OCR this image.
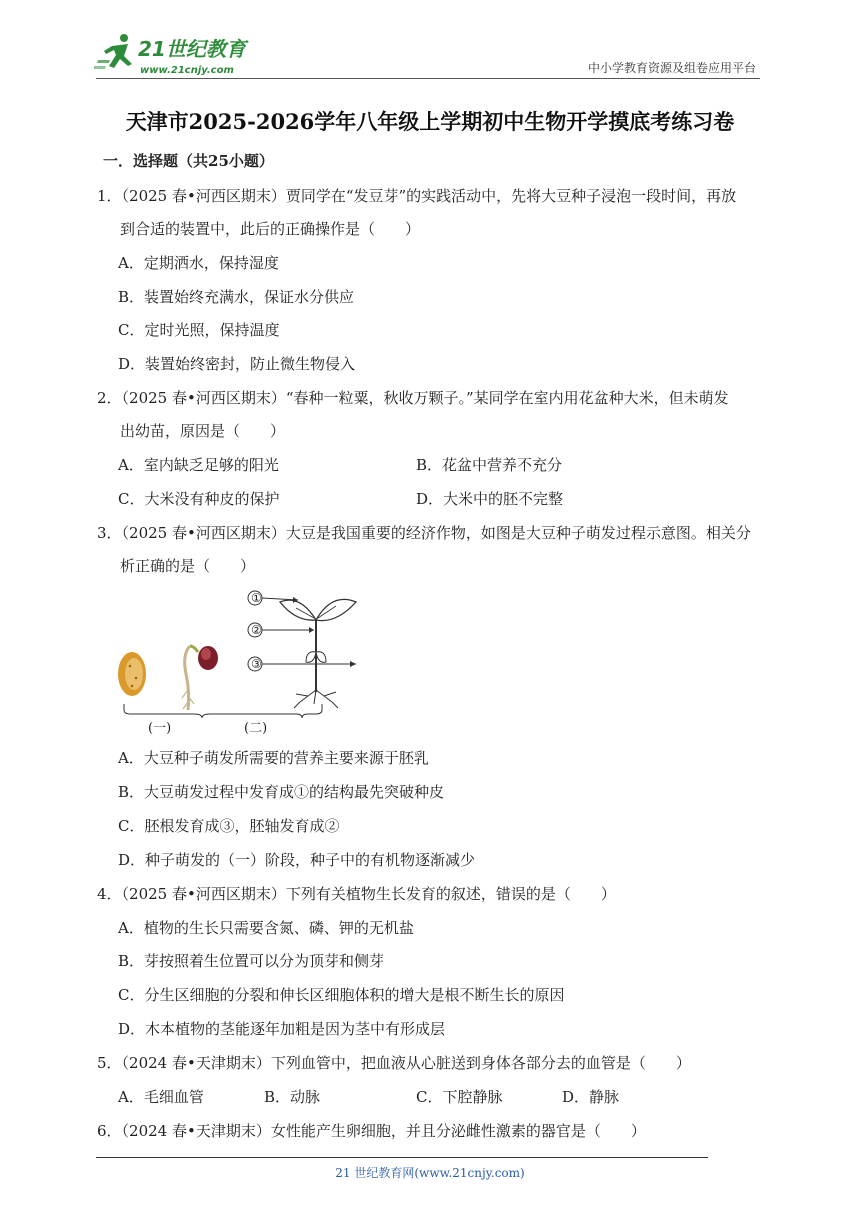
21世纪教育
www.21cnjy.com	中小学教育资源及组卷应用平台
天津市2025-2026学年八年级上学期初中生物开学摸底考练习卷
一．选择题（共25小题）
1．（2025 春•河西区期末）贾同学在“发豆芽”的实践活动中，先将大豆种子浸泡一段时间，再放
到合适的装置中，此后的正确操作是（　　）
A．定期洒水，保持湿度
B．装置始终充满水，保证水分供应
C．定时光照，保持温度
D．装置始终密封，防止微生物侵入
2．（2025 春•河西区期末）“春种一粒粟，秋收万颗子。”某同学在室内用花盆种大米，但未萌发
出幼苗，原因是（　　）
A．室内缺乏足够的阳光	B．花盆中营养不充分
C．大米没有种皮的保护	D．大米中的胚不完整
3．（2025 春•河西区期末）大豆是我国重要的经济作物，如图是大豆种子萌发过程示意图。相关分
析正确的是（　　）
①
②
③
(一)	(二)
A．大豆种子萌发所需要的营养主要来源于胚乳
B．大豆萌发过程中发育成①的结构最先突破种皮
C．胚根发育成③，胚轴发育成②
D．种子萌发的（一）阶段，种子中的有机物逐渐减少
4．（2025 春•河西区期末）下列有关植物生长发育的叙述，错误的是（　　）
A．植物的生长只需要含氮、磷、钾的无机盐
B．芽按照着生位置可以分为顶芽和侧芽
C．分生区细胞的分裂和伸长区细胞体积的增大是根不断生长的原因
D．木本植物的茎能逐年加粗是因为茎中有形成层
5．（2024 春•天津期末）下列血管中，把血液从心脏送到身体各部分去的血管是（　　）
A．毛细血管	B．动脉	C．下腔静脉	D．静脉
6．（2024 春•天津期末）女性能产生卵细胞，并且分泌雌性激素的器官是（　　）
21 世纪教育网(www.21cnjy.com)
